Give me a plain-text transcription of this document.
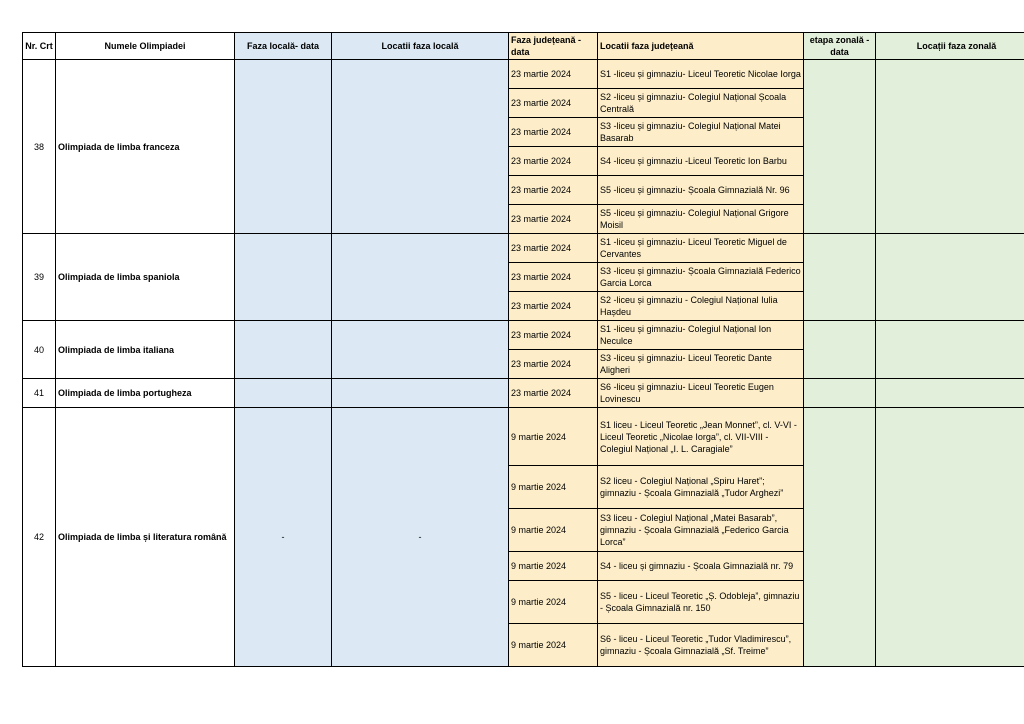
Nr. Crt	Numele Olimpiadei	Faza locală- data	Locatii faza locală	Faza județeană - data	Locatii faza județeană	etapa zonală - data	Locații faza zonală
38	Olimpiada de limba franceza			23 martie 2024	S1 -liceu și gimnaziu- Liceul Teoretic Nicolae Iorga		
				23 martie 2024	S2 -liceu și gimnaziu- Colegiul Național Școala Centrală		
				23 martie 2024	S3 -liceu și gimnaziu- Colegiul Național Matei Basarab		
				23 martie 2024	S4 -liceu și gimnaziu -Liceul Teoretic Ion Barbu		
				23 martie 2024	S5 -liceu și gimnaziu- Școala Gimnazială Nr. 96		
				23 martie 2024	S5 -liceu și gimnaziu- Colegiul Național Grigore Moisil		
39	Olimpiada de limba spaniola			23 martie 2024	S1 -liceu și gimnaziu- Liceul Teoretic Miguel de Cervantes		
				23 martie 2024	S3 -liceu și gimnaziu- Școala Gimnazială Federico Garcia Lorca		
				23 martie 2024	S2 -liceu și gimnaziu - Colegiul Național Iulia Hașdeu		
40	Olimpiada de limba italiana			23 martie 2024	S1 -liceu și gimnaziu- Colegiul Național Ion Neculce		
				23 martie 2024	S3 -liceu și gimnaziu- Liceul Teoretic Dante Aligheri		
41	Olimpiada de limba portugheza			23 martie 2024	S6 -liceu și gimnaziu- Liceul Teoretic Eugen Lovinescu		
42	Olimpiada de limba și literatura română	-	-	9 martie 2024	S1 liceu - Liceul Teoretic „Jean Monnet”, cl. V-VI - Liceul Teoretic „Nicolae Iorga”, cl. VII-VIII - Colegiul Național „I. L. Caragiale”		
				9 martie 2024	S2 liceu - Colegiul Național „Spiru Haret”; gimnaziu - Școala Gimnazială „Tudor Arghezi”		
				9 martie 2024	S3 liceu - Colegiul Național „Matei Basarab”, gimnaziu - Școala Gimnazială „Federico Garcia Lorca”		
				9 martie 2024	S4 - liceu și gimnaziu - Școala Gimnazială nr. 79		
				9 martie 2024	S5 - liceu - Liceul Teoretic „Ș. Odobleja”, gimnaziu - Școala Gimnazială nr. 150		
				9 martie 2024	S6 - liceu - Liceul Teoretic „Tudor Vladimirescu”, gimnaziu - Școala Gimnazială „Sf. Treime”		
